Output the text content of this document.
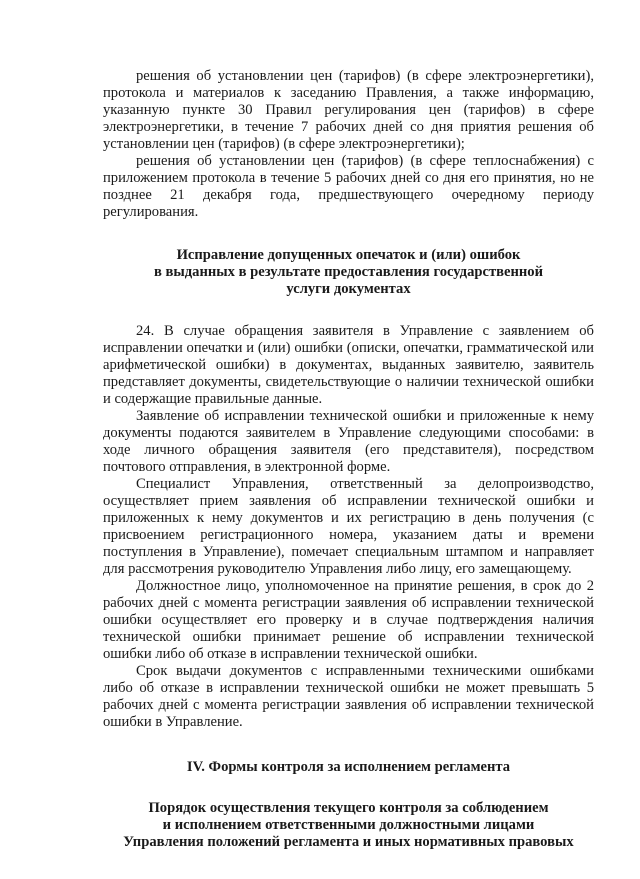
решения об установлении цен (тарифов) (в сфере электроэнергетики), протокола и материалов к заседанию Правления, а также информацию, указанную пункте 30 Правил регулирования цен (тарифов) в сфере электроэнергетики, в течение 7 рабочих дней со дня приятия решения об установлении цен (тарифов) (в сфере электроэнергетики);

решения об установлении цен (тарифов) (в сфере теплоснабжения) с приложением протокола в течение 5 рабочих дней со дня его принятия, но не позднее 21 декабря года, предшествующего очередному периоду регулирования.

Исправление допущенных опечаток и (или) ошибок
в выданных в результате предоставления государственной
услуги документах

24. В случае обращения заявителя в Управление с заявлением об исправлении опечатки и (или) ошибки (описки, опечатки, грамматической или арифметической ошибки) в документах, выданных заявителю, заявитель представляет документы, свидетельствующие о наличии технической ошибки и содержащие правильные данные.

Заявление об исправлении технической ошибки и приложенные к нему документы подаются заявителем в Управление следующими способами: в ходе личного обращения заявителя (его представителя), посредством почтового отправления, в электронной форме.

Специалист Управления, ответственный за делопроизводство, осуществляет прием заявления об исправлении технической ошибки и приложенных к нему документов и их регистрацию в день получения (с присвоением регистрационного номера, указанием даты и времени поступления в Управление), помечает специальным штампом и направляет для рассмотрения руководителю Управления либо лицу, его замещающему.

Должностное лицо, уполномоченное на принятие решения, в срок до 2 рабочих дней с момента регистрации заявления об исправлении технической ошибки осуществляет его проверку и в случае подтверждения наличия технической ошибки принимает решение об исправлении технической ошибки либо об отказе в исправлении технической ошибки.

Срок выдачи документов с исправленными техническими ошибками либо об отказе в исправлении технической ошибки не может превышать 5 рабочих дней с момента регистрации заявления об исправлении технической ошибки в Управление.

IV. Формы контроля за исполнением регламента
Порядок осуществления текущего контроля за соблюдением
и исполнением ответственными должностными лицами
Управления положений регламента и иных нормативных правовых
